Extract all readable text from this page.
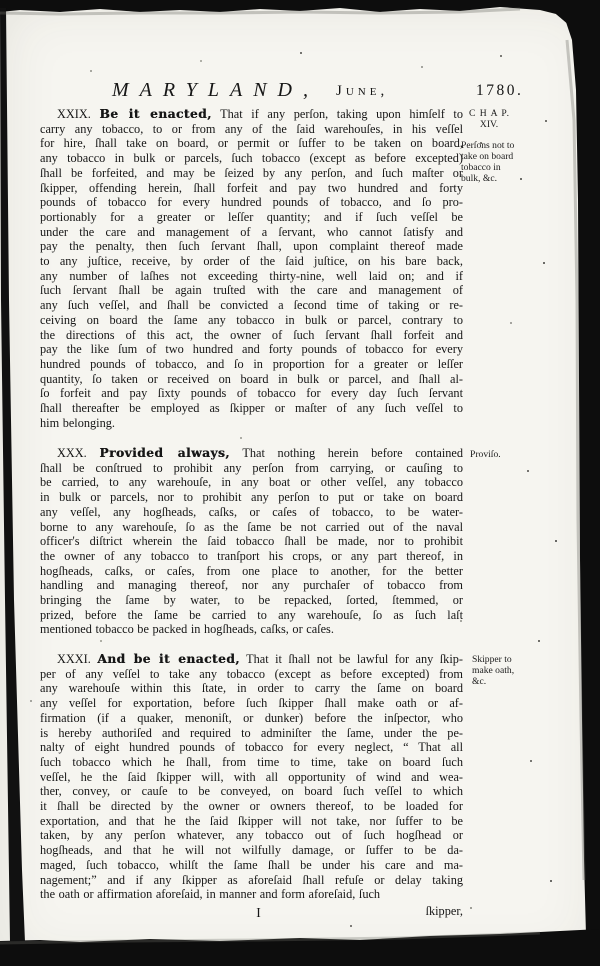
MARYLAND, June,	1780.
C H A P.
XIV.
Perſons not to
take on board
tobacco in
bulk, &c.
Proviſo.
Skipper to
make oath,
&c.
XXIX. Be it enacted, That if any perſon, taking upon himſelf to
carry any tobacco, to or from any of the ſaid warehouſes, in his veſſel
for hire, ſhall take on board, or permit or ſuffer to be taken on board,
any tobacco in bulk or parcels, ſuch tobacco (except as before excepted)
ſhall be forfeited, and may be ſeized by any perſon, and ſuch maſter or
ſkipper, offending herein, ſhall forfeit and pay two hundred and forty
pounds of tobacco for every hundred pounds of tobacco, and ſo pro-
portionably for a greater or leſſer quantity; and if ſuch veſſel be
under the care and management of a ſervant, who cannot ſatisfy and
pay the penalty, then ſuch ſervant ſhall, upon complaint thereof made
to any juſtice, receive, by order of the ſaid juſtice, on his bare back,
any number of laſhes not exceeding thirty-nine, well laid on; and if
ſuch ſervant ſhall be again truſted with the care and management of
any ſuch veſſel, and ſhall be convicted a ſecond time of taking or re-
ceiving on board the ſame any tobacco in bulk or parcel, contrary to
the directions of this act, the owner of ſuch ſervant ſhall forfeit and
pay the like ſum of two hundred and forty pounds of tobacco for every
hundred pounds of tobacco, and ſo in proportion for a greater or leſſer
quantity, ſo taken or received on board in bulk or parcel, and ſhall al-
ſo forfeit and pay ſixty pounds of tobacco for every day ſuch ſervant
ſhall thereafter be employed as ſkipper or maſter of any ſuch veſſel to
him belonging.
XXX. Provided always, That nothing herein before contained
ſhall be conſtrued to prohibit any perſon from carrying, or cauſing to
be carried, to any warehouſe, in any boat or other veſſel, any tobacco
in bulk or parcels, nor to prohibit any perſon to put or take on board
any veſſel, any hogſheads, caſks, or caſes of tobacco, to be water-
borne to any warehouſe, ſo as the ſame be not carried out of the naval
officer's diſtrict wherein the ſaid tobacco ſhall be made, nor to prohibit
the owner of any tobacco to tranſport his crops, or any part thereof, in
hogſheads, caſks, or caſes, from one place to another, for the better
handling and managing thereof, nor any purchaſer of tobacco from
bringing the ſame by water, to be repacked, ſorted, ſtemmed, or
prized, before the ſame be carried to any warehouſe, ſo as ſuch laſt
mentioned tobacco be packed in hogſheads, caſks, or caſes.
XXXI. And be it enacted, That it ſhall not be lawful for any ſkip-
per of any veſſel to take any tobacco (except as before excepted) from
any warehouſe within this ſtate, in order to carry the ſame on board
any veſſel for exportation, before ſuch ſkipper ſhall make oath or af-
firmation (if a quaker, menoniſt, or dunker) before the inſpector, who
is hereby authoriſed and required to adminiſter the ſame, under the pe-
nalty of eight hundred pounds of tobacco for every neglect, “ That all
ſuch tobacco which he ſhall, from time to time, take on board ſuch
veſſel, he the ſaid ſkipper will, with all opportunity of wind and wea-
ther, convey, or cauſe to be conveyed, on board ſuch veſſel to which
it ſhall be directed by the owner or owners thereof, to be loaded for
exportation, and that he the ſaid ſkipper will not take, nor ſuffer to be
taken, by any perſon whatever, any tobacco out of ſuch hogſhead or
hogſheads, and that he will not wilfully damage, or ſuffer to be da-
maged, ſuch tobacco, whilſt the ſame ſhall be under his care and ma-
nagement;” and if any ſkipper as aforeſaid ſhall refuſe or delay taking
the oath or affirmation aforeſaid, in manner and form aforeſaid, ſuch
I	ſkipper,
